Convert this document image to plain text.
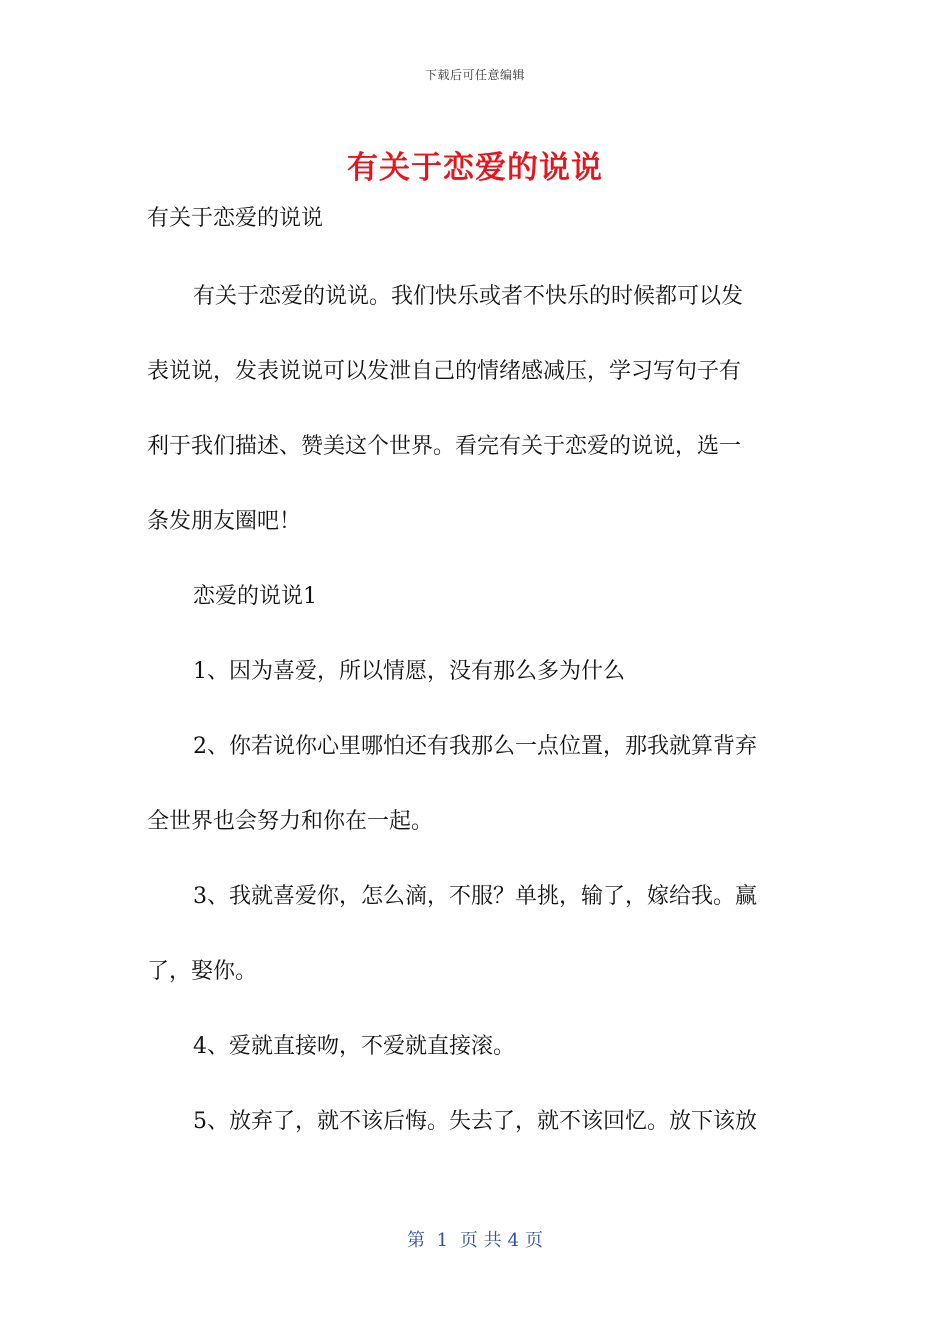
下载后可任意编辑
有关于恋爱的说说
有关于恋爱的说说
有关于恋爱的说说。我们快乐或者不快乐的时候都可以发
表说说，发表说说可以发泄自己的情绪感减压，学习写句子有
利于我们描述、赞美这个世界。看完有关于恋爱的说说，选一
条发朋友圈吧！
恋爱的说说1
1、因为喜爱，所以情愿，没有那么多为什么
2、你若说你心里哪怕还有我那么一点位置，那我就算背弃
全世界也会努力和你在一起。
3、我就喜爱你，怎么滴，不服？单挑，输了，嫁给我。赢
了，娶你。
4、爱就直接吻，不爱就直接滚。
5、放弃了，就不该后悔。失去了，就不该回忆。放下该放
第 1 页 共 4 页
